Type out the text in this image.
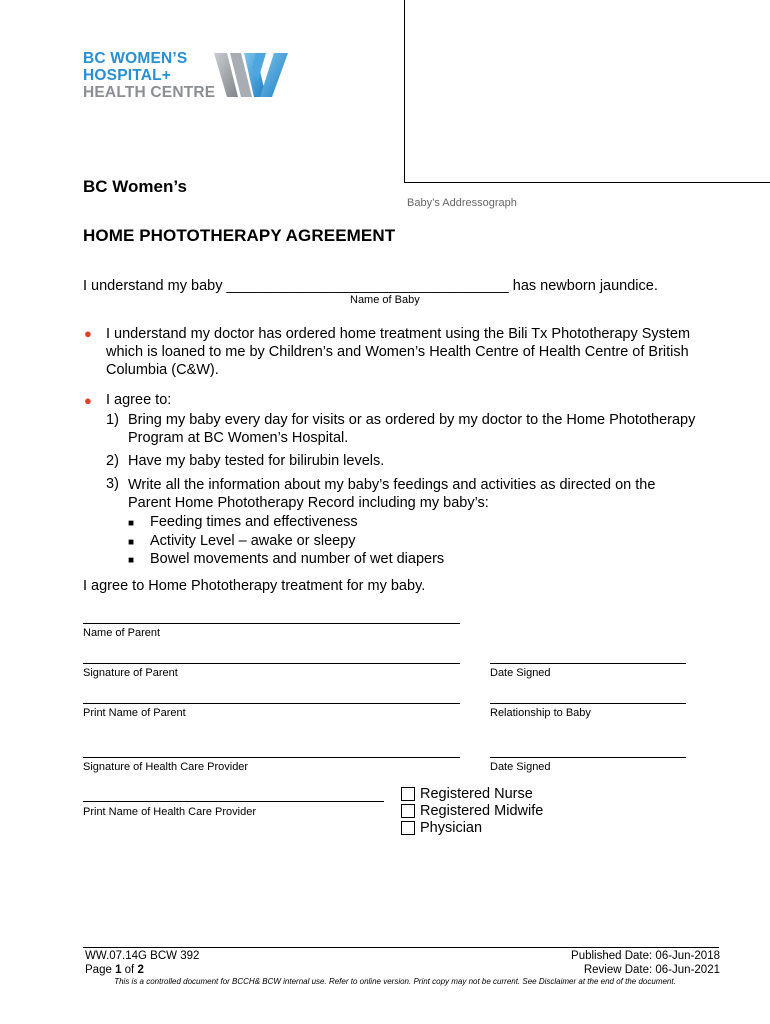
BC WOMEN’S
HOSPITAL+
HEALTH CENTRE
Baby’s Addressograph
BC Women’s
HOME PHOTOTHERAPY AGREEMENT
I understand my baby ___________________________________ has newborn jaundice.
Name of Baby
● I understand my doctor has ordered home treatment using the Bili Tx Phototherapy System
which is loaned to me by Children’s and Women’s Health Centre of Health Centre of British
Columbia (C&W).
● I agree to:
1) Bring my baby every day for visits or as ordered by my doctor to the Home Phototherapy
Program at BC Women’s Hospital.
2) Have my baby tested for bilirubin levels.
3) Write all the information about my baby’s feedings and activities as directed on the
Parent Home Phototherapy Record including my baby’s:
■ Feeding times and effectiveness
■ Activity Level – awake or sleepy
■ Bowel movements and number of wet diapers
I agree to Home Phototherapy treatment for my baby.
Name of Parent
Signature of Parent	Date Signed
Print Name of Parent	Relationship to Baby
Signature of Health Care Provider	Date Signed
Print Name of Health Care Provider
Registered Nurse
Registered Midwife
Physician
WW.07.14G BCW 392
Page 1 of 2
Published Date: 06-Jun-2018
Review Date: 06-Jun-2021
This is a controlled document for BCCH& BCW internal use. Refer to online version. Print copy may not be current. See Disclaimer at the end of the document.
